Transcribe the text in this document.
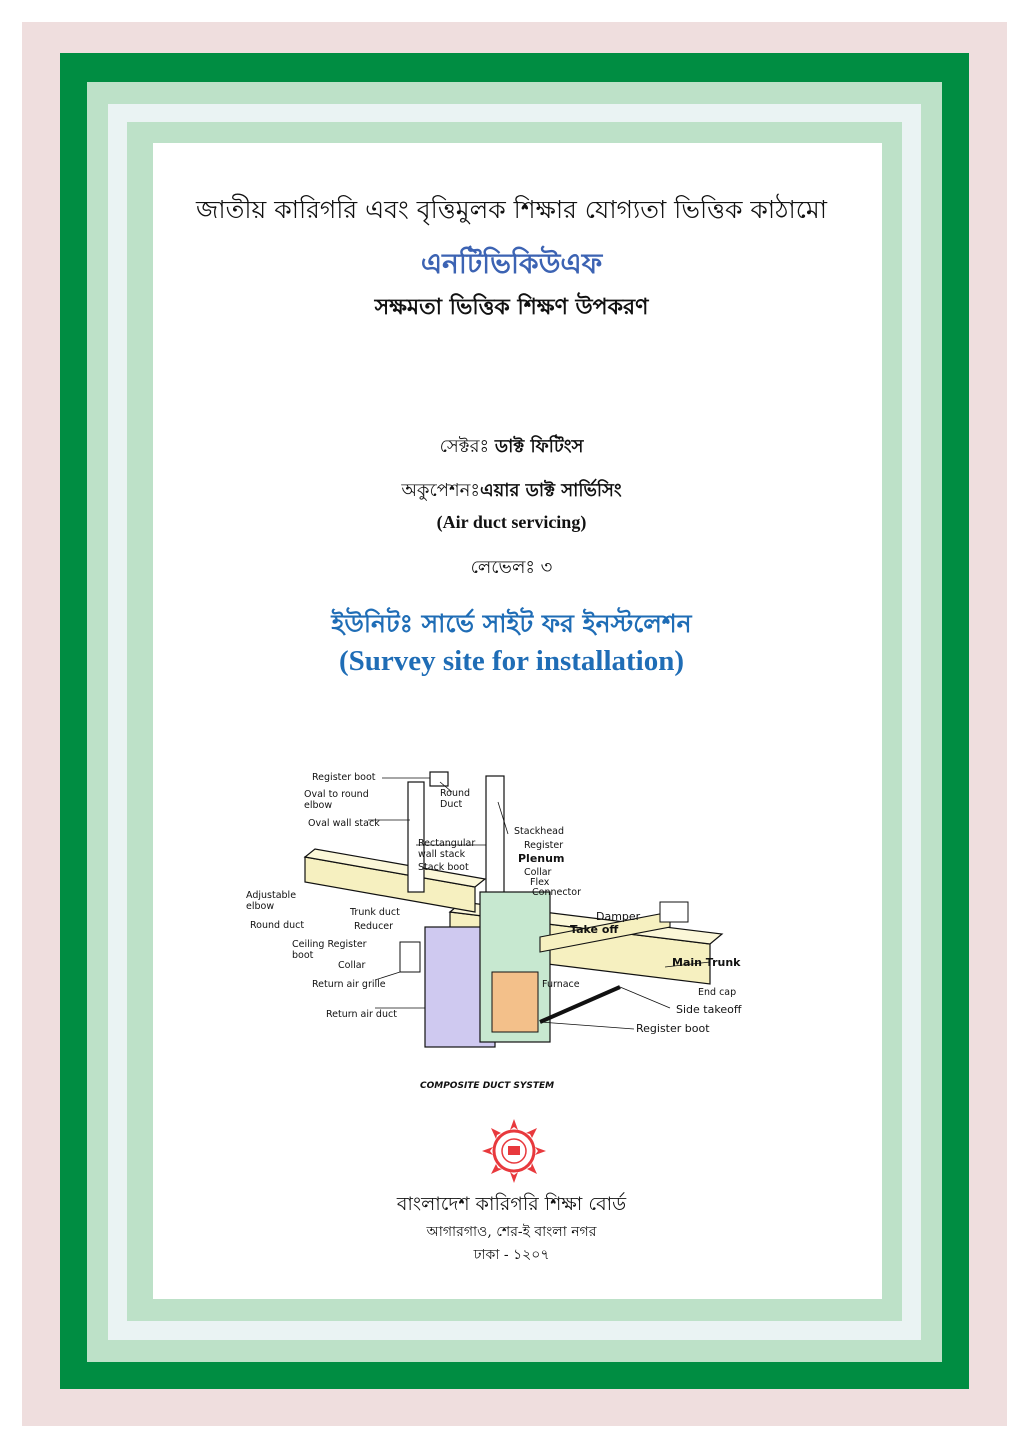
জাতীয় কারিগরি এবং বৃত্তিমুলক শিক্ষার যোগ্যতা ভিত্তিক কাঠামো
এনটিভিকিউএফ
সক্ষমতা ভিত্তিক শিক্ষণ উপকরণ
সেক্টরঃ ডাক্ট ফিটিংস
অকুপেশনঃএয়ার ডাক্ট সার্ভিসিং
(Air duct servicing)
লেভেলঃ ৩
ইউনিটঃ সার্ভে সাইট ফর ইনস্টলেশন
(Survey site for installation)
Register boot
Oval to round
elbow
Oval wall stack
Round
Duct
Stackhead
Register
Rectangular
wall stack
Stack boot
Plenum
Collar
Flex
Connector
Adjustable
elbow
Round duct
Trunk duct
Reducer
Ceiling Register
boot
Collar
Return air grille
Return air duct
Damper
Take off
Main Trunk
End cap
Furnace
Side takeoff
Register boot
COMPOSITE DUCT SYSTEM
বাংলাদেশ কারিগরি শিক্ষা বোর্ড
আগারগাও, শের-ই বাংলা নগর
ঢাকা - ১২০৭
